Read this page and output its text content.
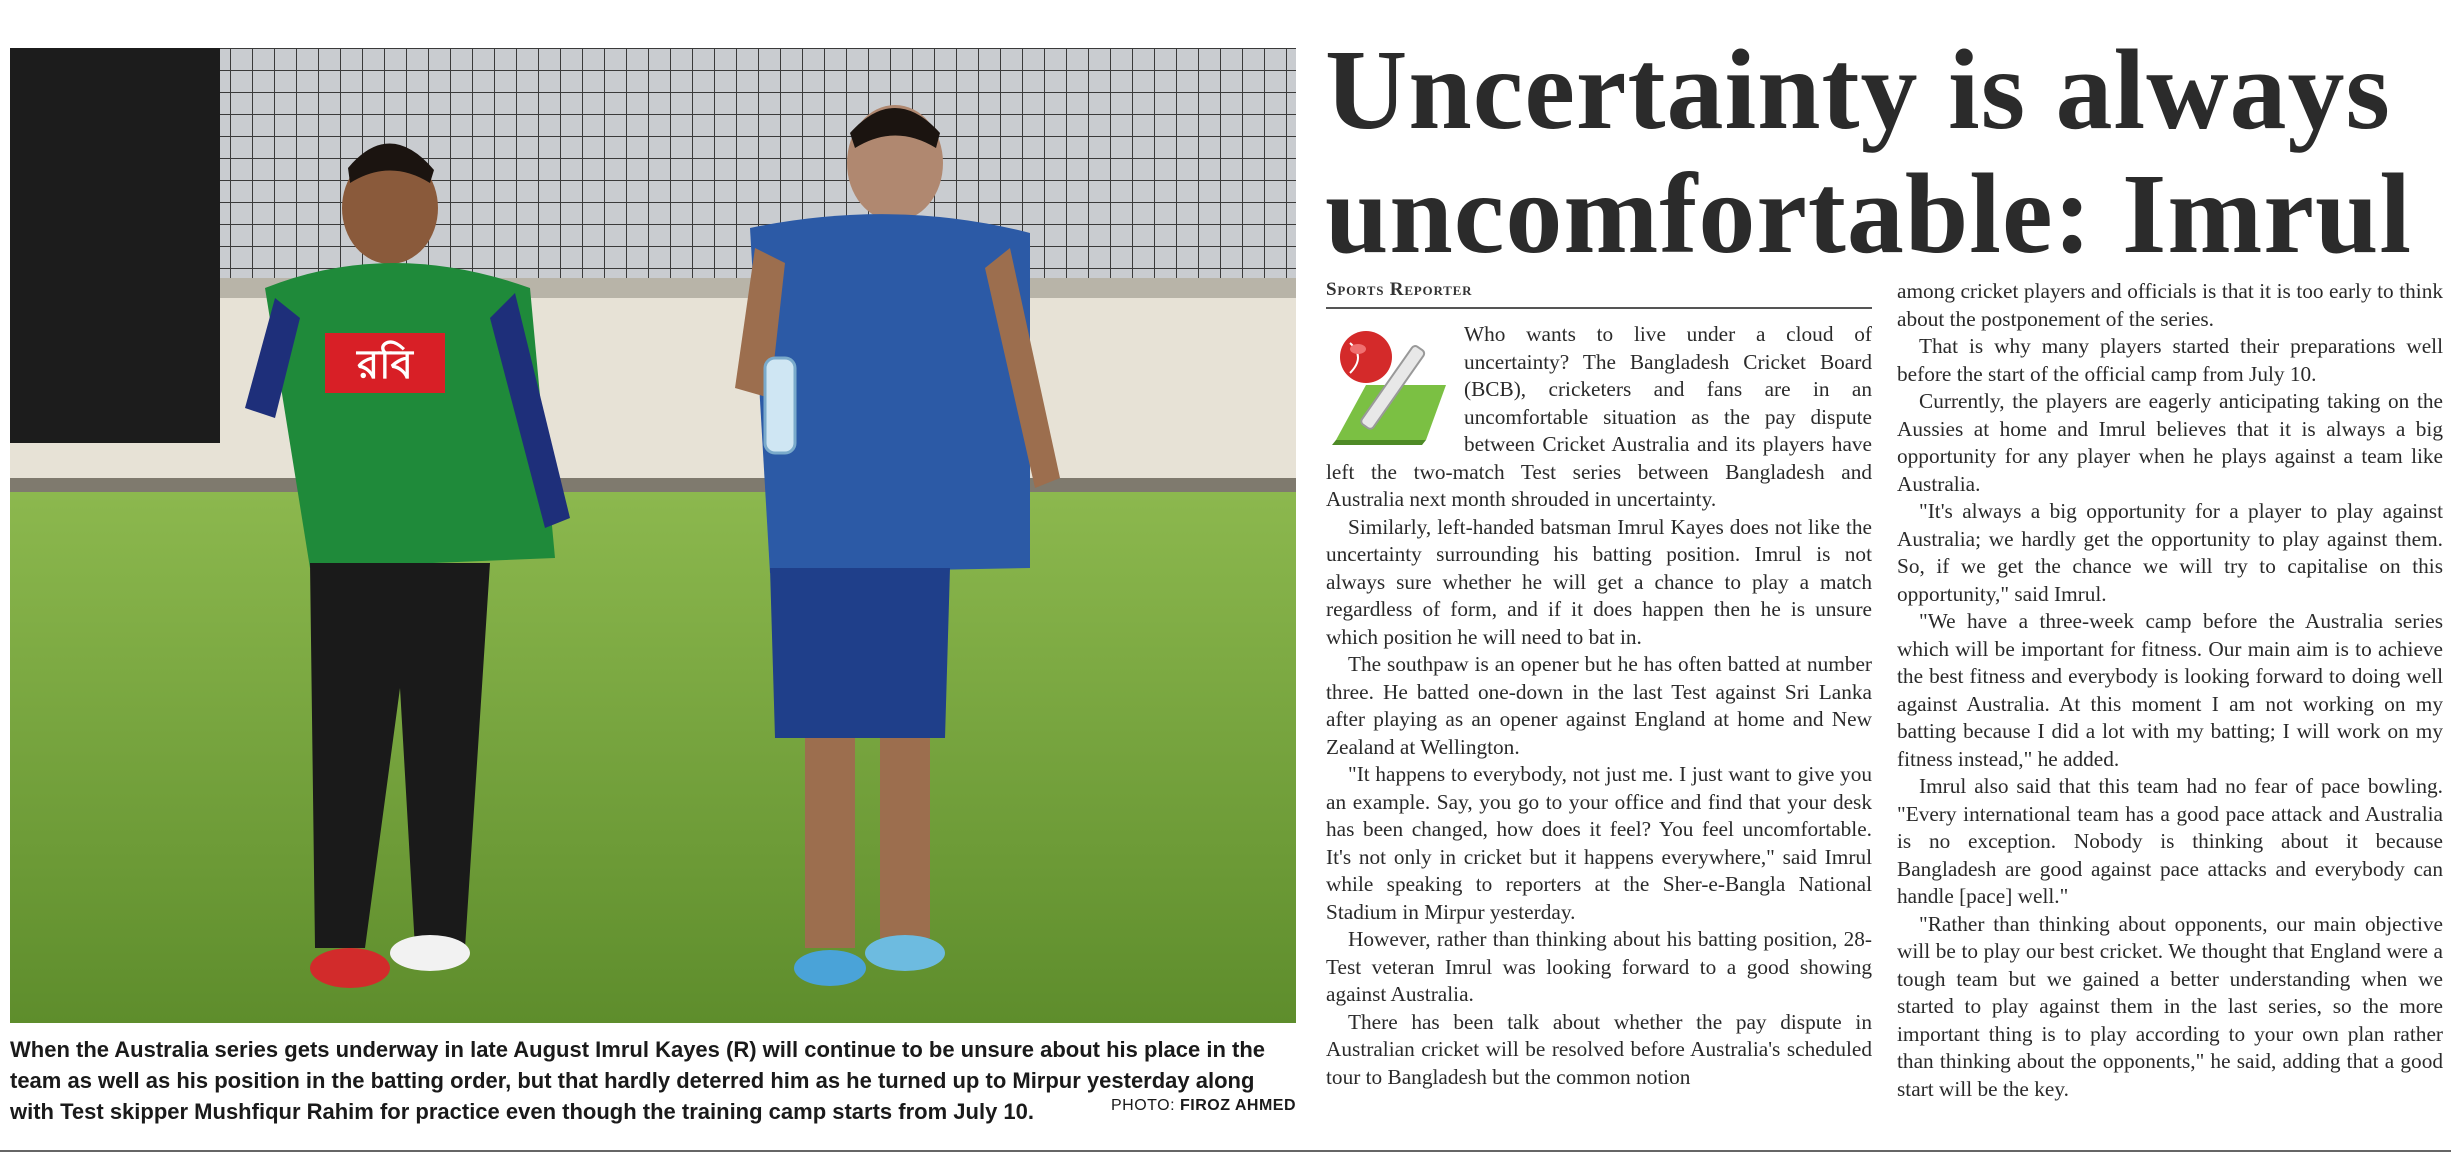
রবি
When the Australia series gets underway in late August Imrul Kayes (R) will continue to be unsure about his place in the team as well as his position in the batting order, but that hardly deterred him as he turned up to Mirpur yesterday along with Test skipper Mushfiqur Rahim for practice even though the training camp starts from July 10.	PHOTO: FIROZ AHMED
Uncertainty is always uncomfortable: Imrul
Sports Reporter

Who wants to live under a cloud of uncertainty? The Bangladesh Cricket Board (BCB), cricketers and fans are in an uncomfortable situation as the pay dispute between Cricket Australia and its players have left the two-match Test series between Bangladesh and Australia next month shrouded in uncertainty.

Similarly, left-handed batsman Imrul Kayes does not like the uncertainty surrounding his batting position. Imrul is not always sure whether he will get a chance to play a match regardless of form, and if it does happen then he is unsure which position he will need to bat in.

The southpaw is an opener but he has often batted at number three. He batted one-down in the last Test against Sri Lanka after playing as an opener against England at home and New Zealand at Wellington.

"It happens to everybody, not just me. I just want to give you an example. Say, you go to your office and find that your desk has been changed, how does it feel? You feel uncomfortable. It's not only in cricket but it happens everywhere," said Imrul while speaking to reporters at the Sher-e-Bangla National Stadium in Mirpur yesterday.

However, rather than thinking about his batting position, 28-Test veteran Imrul was looking forward to a good showing against Australia.

There has been talk about whether the pay dispute in Australian cricket will be resolved before Australia's scheduled tour to Bangladesh but the common notion

among cricket players and officials is that it is too early to think about the postponement of the series.

That is why many players started their preparations well before the start of the official camp from July 10.

Currently, the players are eagerly anticipating taking on the Aussies at home and Imrul believes that it is always a big opportunity for any player when he plays against a team like Australia.

"It's always a big opportunity for a player to play against Australia; we hardly get the opportunity to play against them. So, if we get the chance we will try to capitalise on this opportunity," said Imrul.

"We have a three-week camp before the Australia series which will be important for fitness. Our main aim is to achieve the best fitness and everybody is looking forward to doing well against Australia. At this moment I am not working on my batting because I did a lot with my batting; I will work on my fitness instead," he added.

Imrul also said that this team had no fear of pace bowling. "Every international team has a good pace attack and Australia is no exception. Nobody is thinking about it because Bangladesh are good against pace attacks and everybody can handle [pace] well."

"Rather than thinking about opponents, our main objective will be to play our best cricket. We thought that England were a tough team but we gained a better understanding when we started to play against them in the last series, so the more important thing is to play according to your own plan rather than thinking about the opponents," he said, adding that a good start will be the key.
